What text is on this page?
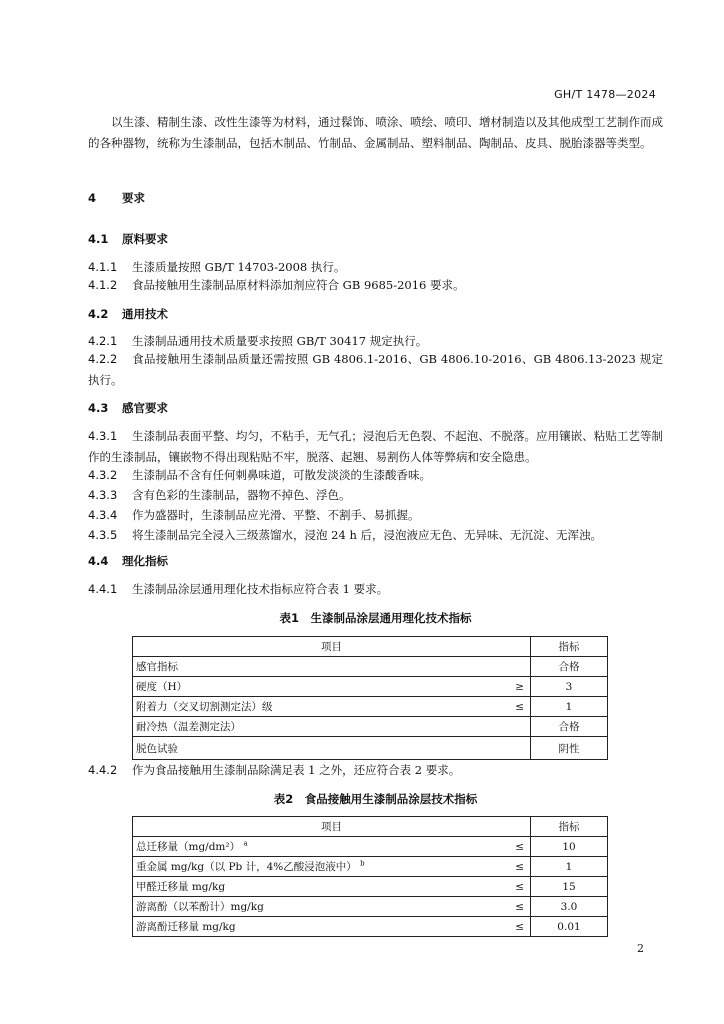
GH/T 1478—2024
以生漆、精制生漆、改性生漆等为材料，通过髹饰、喷涂、喷绘、喷印、增材制造以及其他成型工艺制作而成的各种器物，统称为生漆制品，包括木制品、竹制品、金属制品、塑料制品、陶制品、皮具、脱胎漆器等类型。
4 要求
4.1 原料要求
4.1.1 生漆质量按照 GB/T 14703-2008 执行。
4.1.2 食品接触用生漆制品原材料添加剂应符合 GB 9685-2016 要求。
4.2 通用技术
4.2.1 生漆制品通用技术质量要求按照 GB/T 30417 规定执行。
4.2.2 食品接触用生漆制品质量还需按照 GB 4806.1-2016、GB 4806.10-2016、GB 4806.13-2023 规定执行。
4.3 感官要求
4.3.1 生漆制品表面平整、均匀，不粘手，无气孔；浸泡后无色裂、不起泡、不脱落。应用镶嵌、粘贴工艺等制作的生漆制品，镶嵌物不得出现粘贴不牢，脱落、起翘、易割伤人体等弊病和安全隐患。
4.3.2 生漆制品不含有任何刺鼻味道，可散发淡淡的生漆酸香味。
4.3.3 含有色彩的生漆制品，器物不掉色、浮色。
4.3.4 作为盛器时，生漆制品应光滑、平整、不割手、易抓握。
4.3.5 将生漆制品完全浸入三级蒸馏水，浸泡 24 h 后，浸泡液应无色、无异味、无沉淀、无浑浊。
4.4 理化指标
4.4.1 生漆制品涂层通用理化技术指标应符合表 1 要求。
表1　生漆制品涂层通用理化技术指标
项目		指标
感官指标		合格
硬度（H）	≥	3
附着力（交叉切割测定法）级	≤	1
耐冷热（温差测定法）		合格
脱色试验		阴性
4.4.2 作为食品接触用生漆制品除满足表 1 之外，还应符合表 2 要求。
表2　食品接触用生漆制品涂层技术指标
项目		指标
总迁移量（mg/dm²） $^a$	≤	10
重金属 mg/kg（以 Pb 计，4%乙酸浸泡液中） $^b$	≤	1
甲醛迁移量 mg/kg	≤	15
游离酚（以苯酚计）mg/kg	≤	3.0
游离酚迁移量 mg/kg	≤	0.01
2
